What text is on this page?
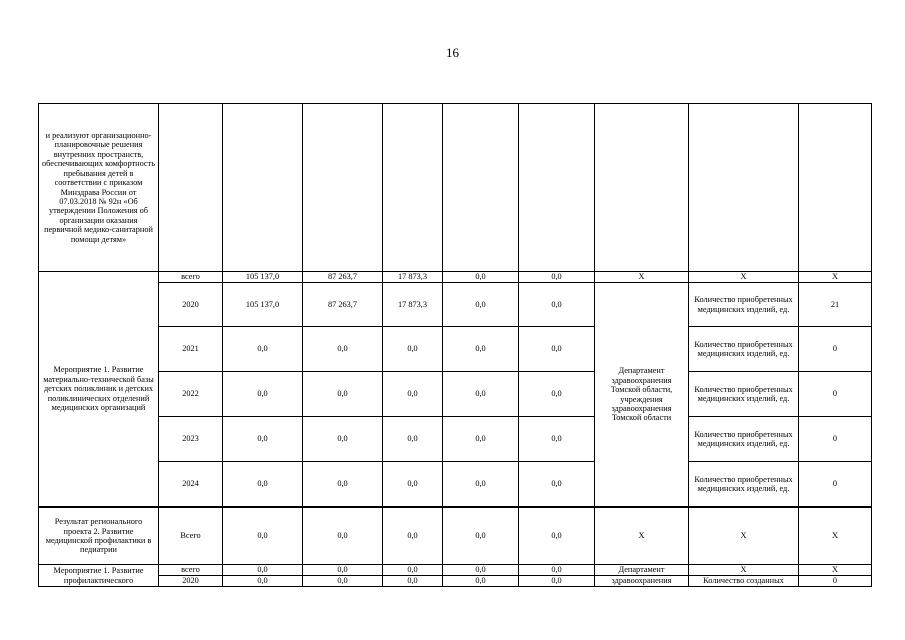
16
и реализуют организационно-планировочные решения внутренних пространств, обеспечивающих комфортность пребывания детей в соответствии с приказом Минздрава России от 07.03.2018 № 92н «Об утверждении Положения об организации оказания первичной медико-санитарной помощи детям»									
Мероприятие 1. Развитие материально-технической базы детских поликлиник и детских поликлинических отделений медицинских организаций	всего	105 137,0	87 263,7	17 873,3	0,0	0,0	Х	Х	Х
	2020	105 137,0	87 263,7	17 873,3	0,0	0,0	Департамент здравоохранения Томской области, учреждения здравоохранения Томской области	Количество приобретенных медицинских изделий, ед.	21
	2021	0,0	0,0	0,0	0,0	0,0		Количество приобретенных медицинских изделий, ед.	0
	2022	0,0	0,0	0,0	0,0	0,0		Количество приобретенных медицинских изделий, ед.	0
	2023	0,0	0,0	0,0	0,0	0,0		Количество приобретенных медицинских изделий, ед.	0
	2024	0,0	0,0	0,0	0,0	0,0		Количество приобретенных медицинских изделий, ед.	0
Результат регионального проекта 2. Развитие медицинской профилактики в педиатрии	Всего	0,0	0,0	0,0	0,0	0,0	Х	Х	Х
Мероприятие 1. Развитие профилактического	всего	0,0	0,0	0,0	0,0	0,0	Департамент	Х	Х
	2020	0,0	0,0	0,0	0,0	0,0	здравоохранения	Количество созданных	0
